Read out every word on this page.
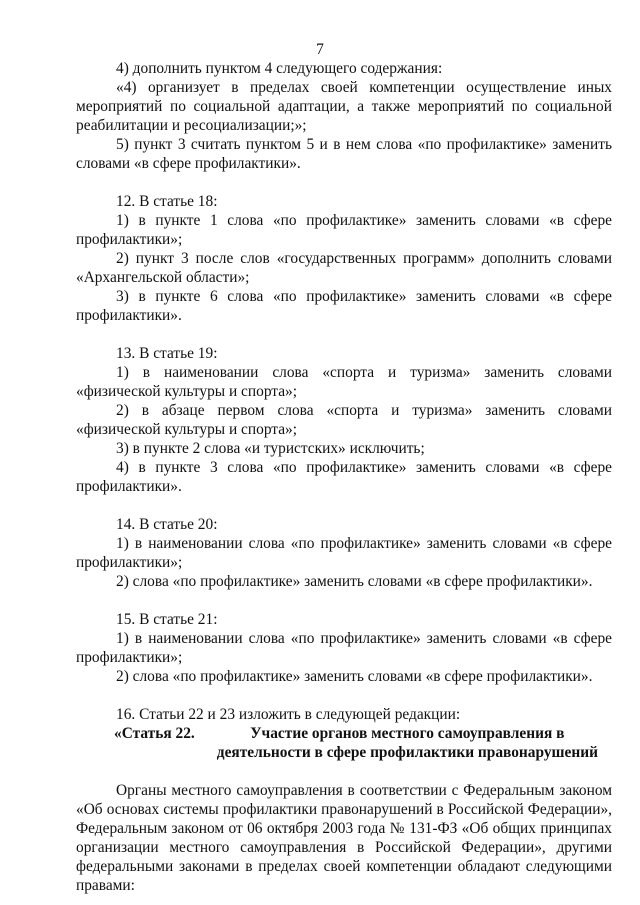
7
4) дополнить пунктом 4 следующего содержания:
«4) организует в пределах своей компетенции осуществление иных мероприятий по социальной адаптации, а также мероприятий по социальной реабилитации и ресоциализации;»;
5) пункт 3 считать пунктом 5 и в нем слова «по профилактике» заменить словами «в сфере профилактики».
12. В статье 18:
1) в пункте 1 слова «по профилактике» заменить словами «в сфере профилактики»;
2) пункт 3 после слов «государственных программ» дополнить словами «Архангельской области»;
3) в пункте 6 слова «по профилактике» заменить словами «в сфере профилактики».
13. В статье 19:
1) в наименовании слова «спорта и туризма» заменить словами «физической культуры и спорта»;
2) в абзаце первом слова «спорта и туризма» заменить словами «физической культуры и спорта»;
3) в пункте 2 слова «и туристских» исключить;
4) в пункте 3 слова «по профилактике» заменить словами «в сфере профилактики».
14. В статье 20:
1) в наименовании слова «по профилактике» заменить словами «в сфере профилактики»;
2) слова «по профилактике» заменить словами «в сфере профилактики».
15. В статье 21:
1) в наименовании слова «по профилактике» заменить словами «в сфере профилактики»;
2) слова «по профилактике» заменить словами «в сфере профилактики».
16. Статьи 22 и 23 изложить в следующей редакции:
«Статья 22.	Участие органов местного самоуправления в деятельности в сфере профилактики правонарушений
Органы местного самоуправления в соответствии с Федеральным законом «Об основах системы профилактики правонарушений в Российской Федерации», Федеральным законом от 06 октября 2003 года № 131-ФЗ «Об общих принципах организации местного самоуправления в Российской Федерации», другими федеральными законами в пределах своей компетенции обладают следующими правами:
